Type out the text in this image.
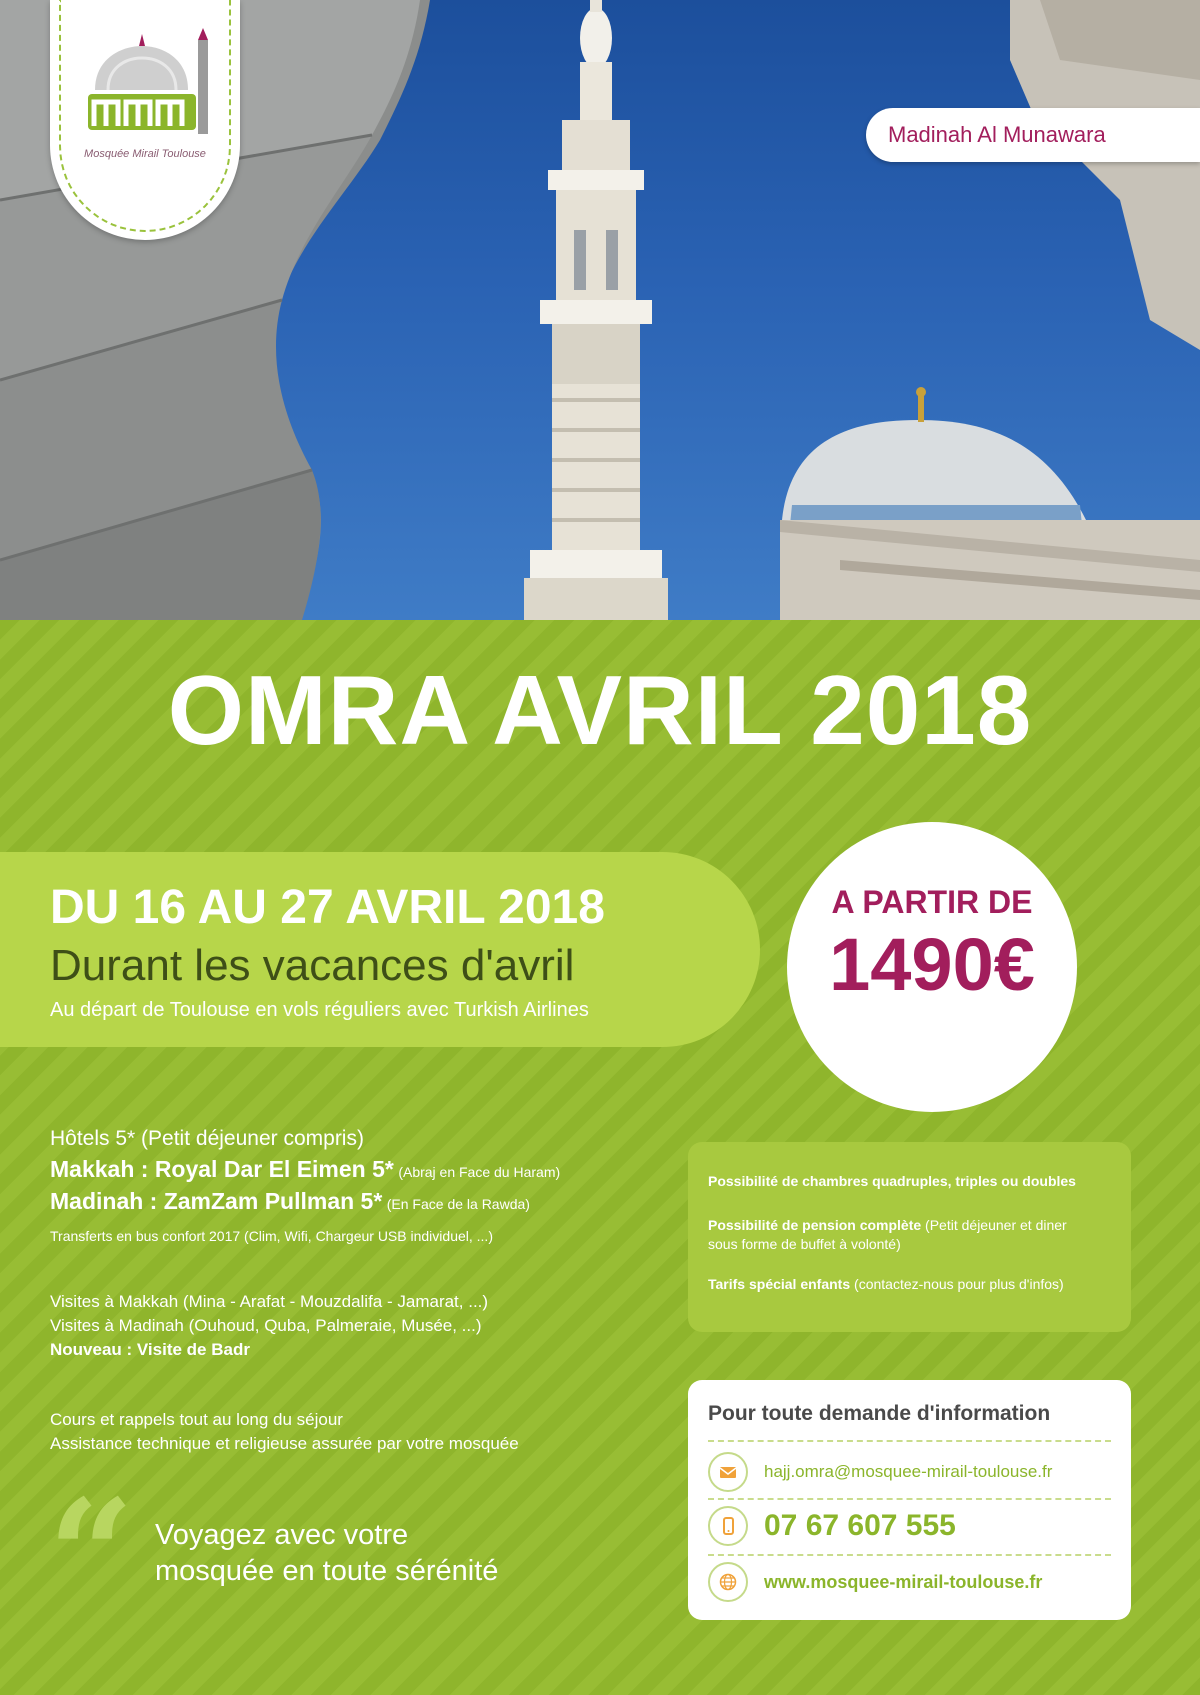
Mosquée Mirail Toulouse
Madinah Al Munawara
OMRA AVRIL 2018
DU 16 AU 27 AVRIL 2018
Durant les vacances d'avril
Au départ de Toulouse en vols réguliers avec Turkish Airlines
A PARTIR DE
1490€
Hôtels 5* (Petit déjeuner compris)
Makkah : Royal Dar El Eimen 5* (Abraj en Face du Haram)
Madinah : ZamZam Pullman 5* (En Face de la Rawda)
Transferts en bus confort 2017 (Clim, Wifi, Chargeur USB individuel, ...)
Visites à Makkah (Mina - Arafat - Mouzdalifa - Jamarat, ...)
Visites à Madinah (Ouhoud, Quba, Palmeraie, Musée, ...)
Nouveau : Visite de Badr
Cours et rappels tout au long du séjour
Assistance technique et religieuse assurée par votre mosquée
Possibilité de chambres quadruples, triples ou doubles
Possibilité de pension complète (Petit déjeuner et diner
sous forme de buffet à volonté)
Tarifs spécial enfants (contactez-nous pour plus d'infos)
Pour toute demande d'information
hajj.omra@mosquee-mirail-toulouse.fr
07 67 607 555
www.mosquee-mirail-toulouse.fr
“ Voyagez avec votre
mosquée en toute sérénité
